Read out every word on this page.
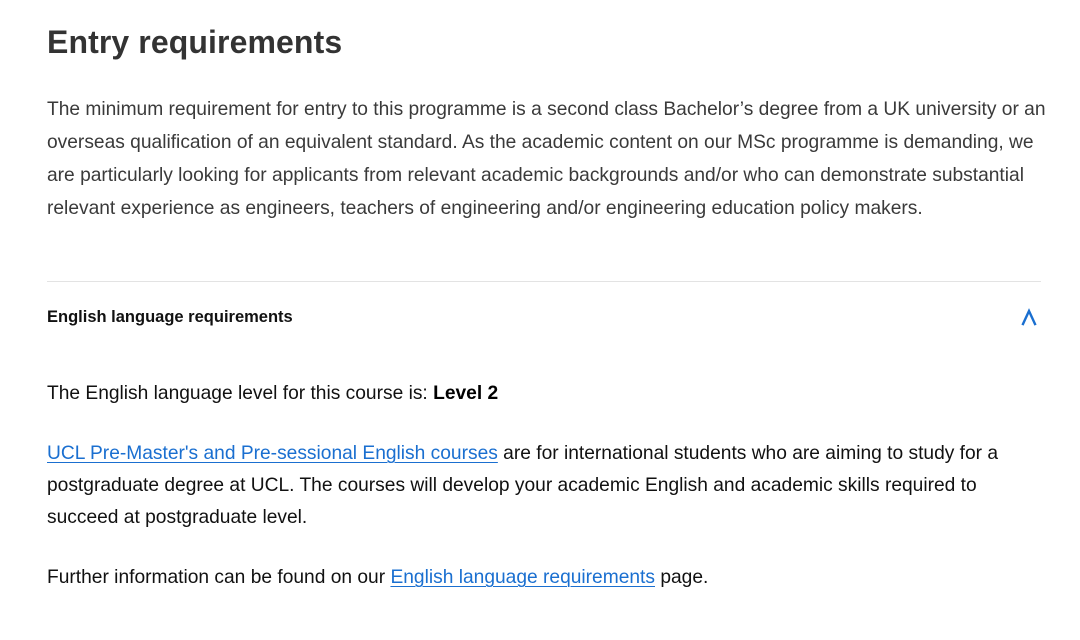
Entry requirements

The minimum requirement for entry to this programme is a second class Bachelor’s degree from a UK university or an overseas qualification of an equivalent standard. As the academic content on our MSc programme is demanding, we are particularly looking for applicants from relevant academic backgrounds and/or who can demonstrate substantial relevant experience as engineers, teachers of engineering and/or engineering education policy makers.

English language requirements

The English language level for this course is: Level 2

UCL Pre-Master's and Pre-sessional English courses are for international students who are aiming to study for a postgraduate degree at UCL. The courses will develop your academic English and academic skills required to succeed at postgraduate level.

Further information can be found on our English language requirements page.
